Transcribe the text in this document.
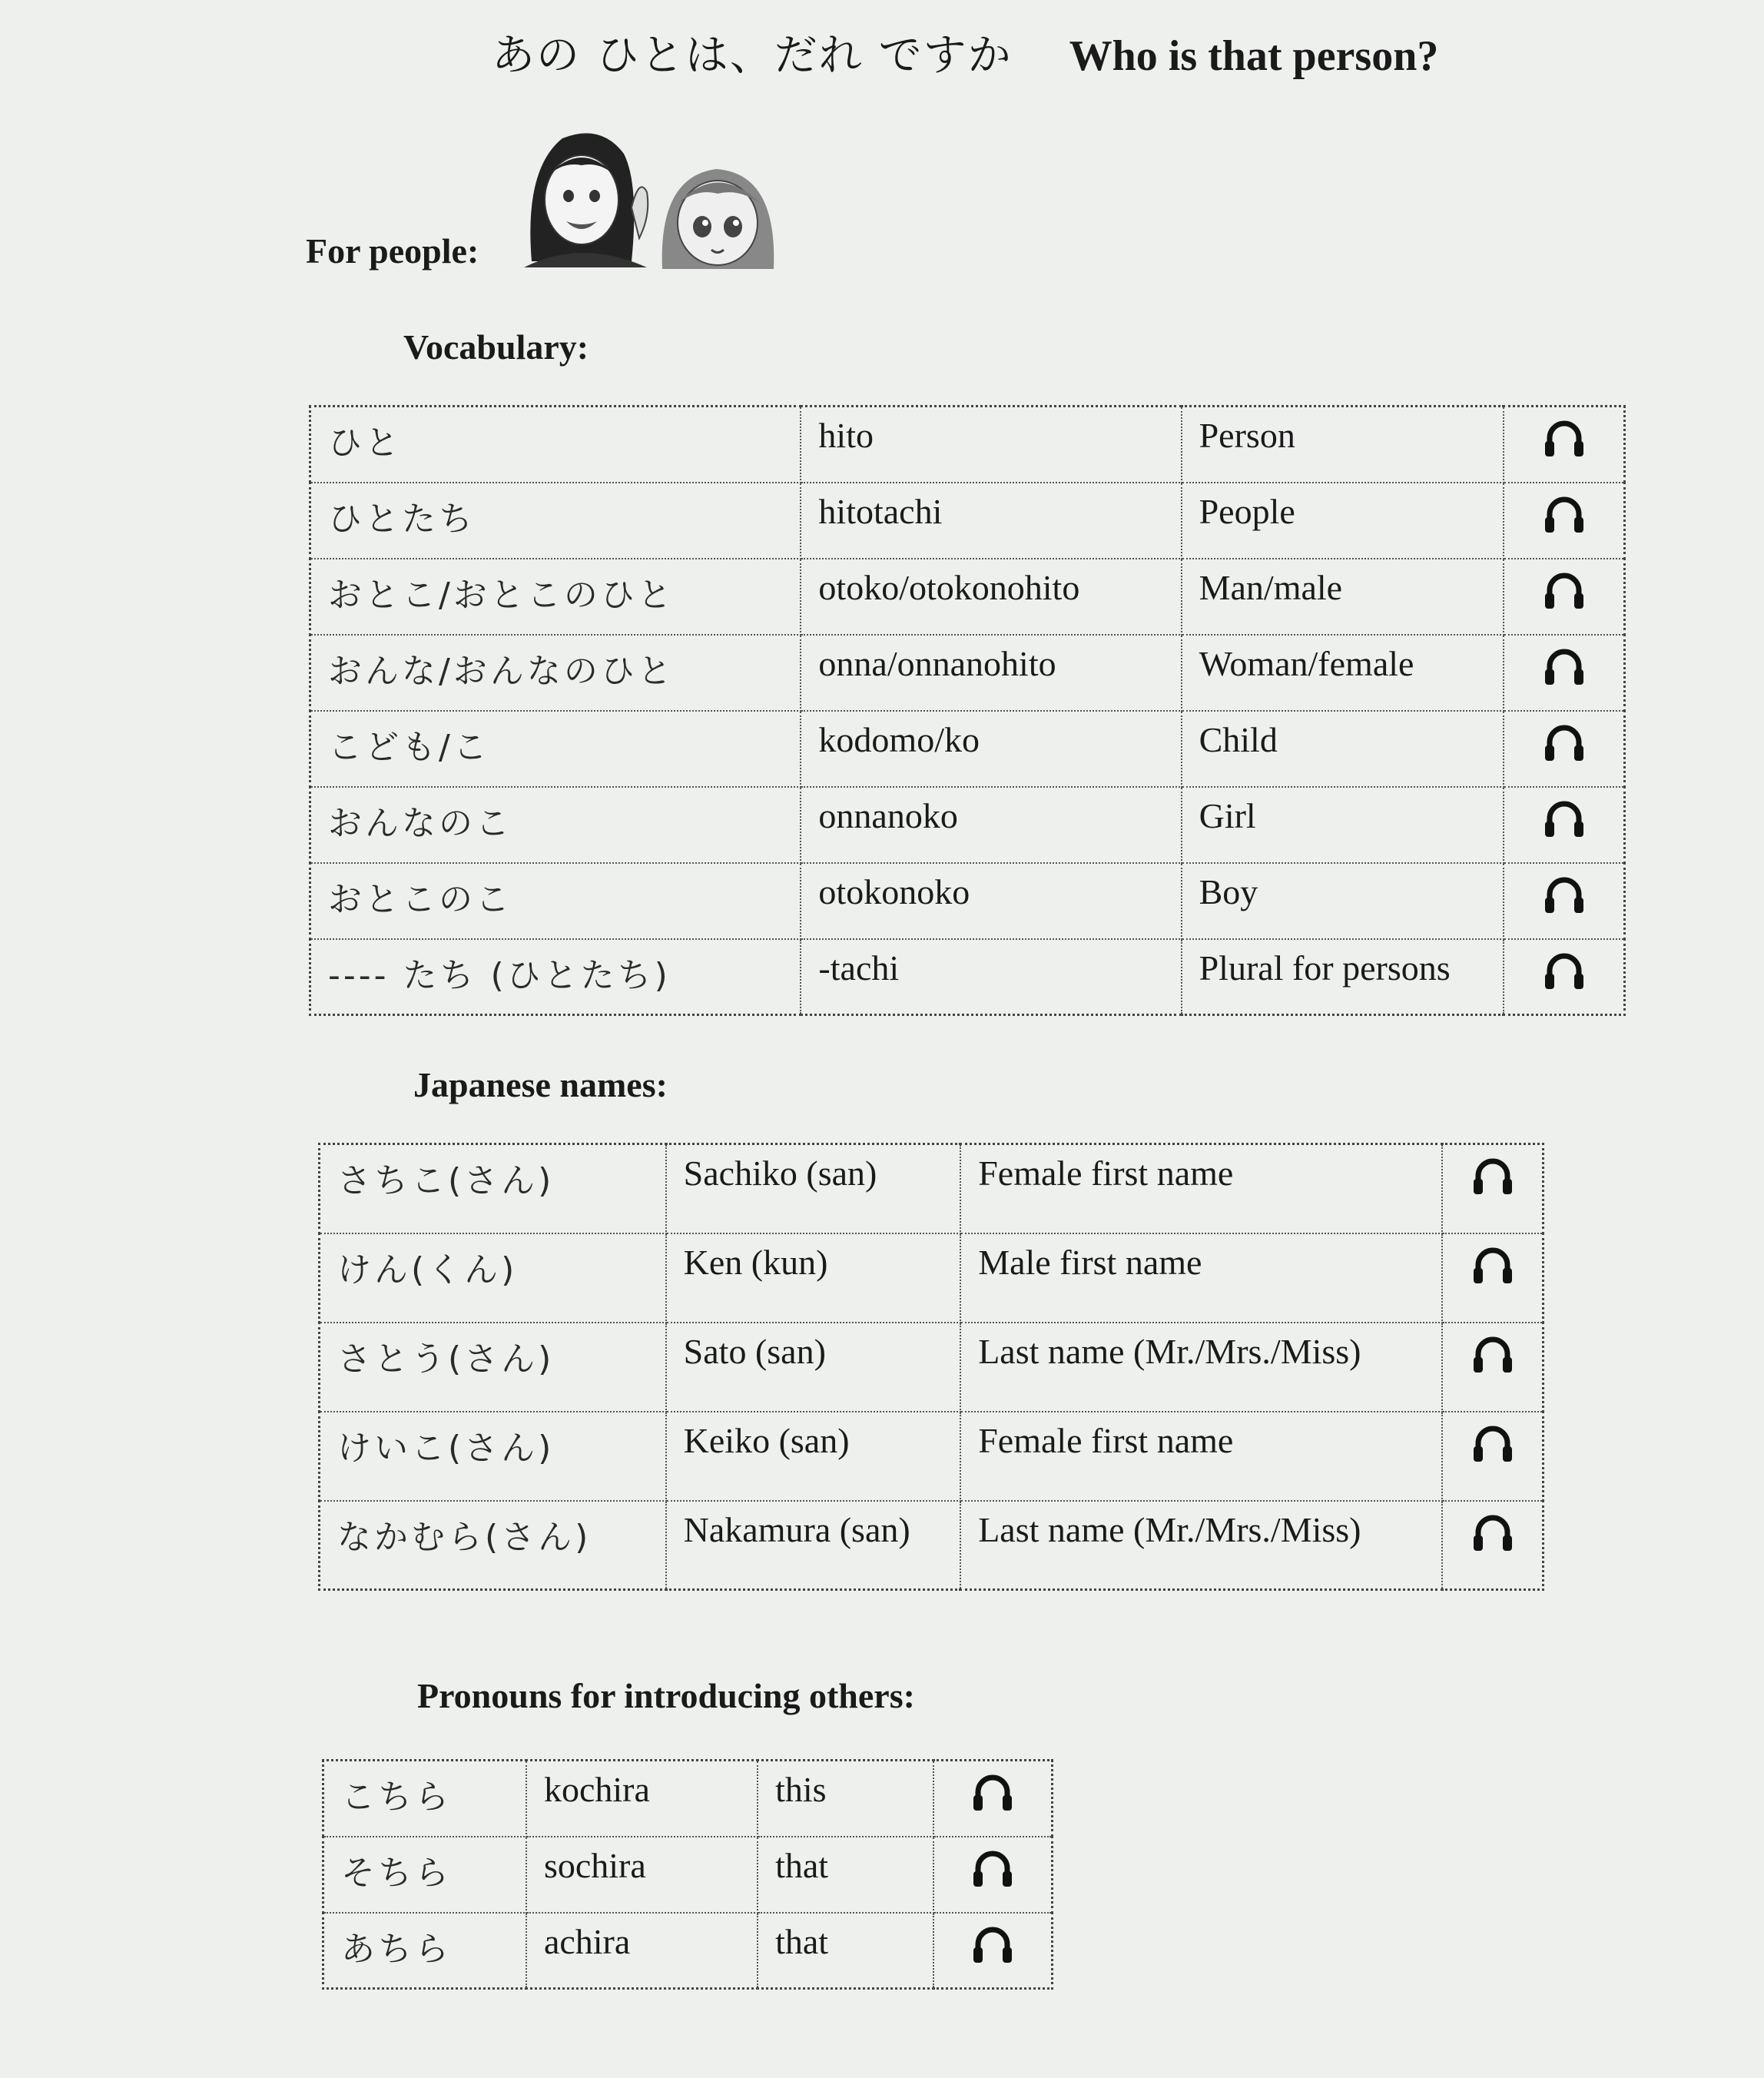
あの ひとは、だれ ですか Who is that person?
For people:
Vocabulary:
ひと	hito	Person	
ひとたち	hitotachi	People	
おとこ/おとこのひと	otoko/otokonohito	Man/male	
おんな/おんなのひと	onna/onnanohito	Woman/female	
こども/こ	kodomo/ko	Child	
おんなのこ	onnanoko	Girl	
おとこのこ	otokonoko	Boy	
---- たち (ひとたち)	-tachi	Plural for persons	
Japanese names:
さちこ(さん)	Sachiko (san)	Female first name	
けん(くん)	Ken (kun)	Male first name	
さとう(さん)	Sato (san)	Last name (Mr./Mrs./Miss)	
けいこ(さん)	Keiko (san)	Female first name	
なかむら(さん)	Nakamura (san)	Last name (Mr./Mrs./Miss)	
Pronouns for introducing others:
こちら	kochira	this	
そちら	sochira	that	
あちら	achira	that	
